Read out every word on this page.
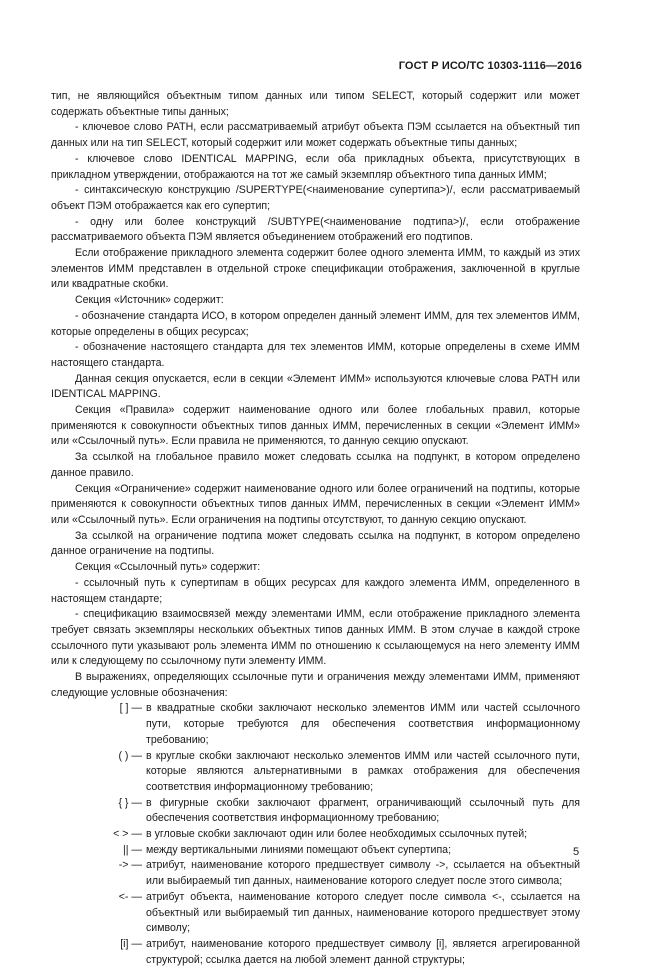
ГОСТ Р ИСО/ТС 10303-1116—2016

тип, не являющийся объектным типом данных или типом SELECT, который содержит или может содержать объектные типы данных;

- ключевое слово PATH, если рассматриваемый атрибут объекта ПЭМ ссылается на объектный тип данных или на тип SELECT, который содержит или может содержать объектные типы данных;

- ключевое слово IDENTICAL MAPPING, если оба прикладных объекта, присутствующих в прикладном утверждении, отображаются на тот же самый экземпляр объектного типа данных ИММ;

- синтаксическую конструкцию /SUPERTYPE(<наименование супертипа>)/, если рассматриваемый объект ПЭМ отображается как его супертип;

- одну или более конструкций /SUBTYPE(<наименование подтипа>)/, если отображение рассматриваемого объекта ПЭМ является объединением отображений его подтипов.

Если отображение прикладного элемента содержит более одного элемента ИММ, то каждый из этих элементов ИММ представлен в отдельной строке спецификации отображения, заключенной в круглые или квадратные скобки.

Секция «Источник» содержит:

- обозначение стандарта ИСО, в котором определен данный элемент ИММ, для тех элементов ИММ, которые определены в общих ресурсах;

- обозначение настоящего стандарта для тех элементов ИММ, которые определены в схеме ИММ настоящего стандарта.

Данная секция опускается, если в секции «Элемент ИММ» используются ключевые слова PATH или IDENTICAL MAPPING.

Секция «Правила» содержит наименование одного или более глобальных правил, которые применяются к совокупности объектных типов данных ИММ, перечисленных в секции «Элемент ИММ» или «Ссылочный путь». Если правила не применяются, то данную секцию опускают.

За ссылкой на глобальное правило может следовать ссылка на подпункт, в котором определено данное правило.

Секция «Ограничение» содержит наименование одного или более ограничений на подтипы, которые применяются к совокупности объектных типов данных ИММ, перечисленных в секции «Элемент ИММ» или «Ссылочный путь». Если ограничения на подтипы отсутствуют, то данную секцию опускают.

За ссылкой на ограничение подтипа может следовать ссылка на подпункт, в котором определено данное ограничение на подтипы.

Секция «Ссылочный путь» содержит:

- ссылочный путь к супертипам в общих ресурсах для каждого элемента ИММ, определенного в настоящем стандарте;

- спецификацию взаимосвязей между элементами ИММ, если отображение прикладного элемента требует связать экземпляры нескольких объектных типов данных ИММ. В этом случае в каждой строке ссылочного пути указывают роль элемента ИММ по отношению к ссылающемуся на него элементу ИММ или к следующему по ссылочному пути элементу ИММ.

В выражениях, определяющих ссылочные пути и ограничения между элементами ИММ, применяют следующие условные обозначения:

[ ] — в квадратные скобки заключают несколько элементов ИММ или частей ссылочного пути, которые требуются для обеспечения соответствия информационному требованию;
( ) — в круглые скобки заключают несколько элементов ИММ или частей ссылочного пути, которые являются альтернативными в рамках отображения для обеспечения соответствия информационному требованию;
{ } — в фигурные скобки заключают фрагмент, ограничивающий ссылочный путь для обеспечения соответствия информационному требованию;
< > — в угловые скобки заключают один или более необходимых ссылочных путей;
|| — между вертикальными линиями помещают объект супертипа;
-> — атрибут, наименование которого предшествует символу ->, ссылается на объектный или выбираемый тип данных, наименование которого следует после этого символа;
<- — атрибут объекта, наименование которого следует после символа <-, ссылается на объектный или выбираемый тип данных, наименование которого предшествует этому символу;
[i] — атрибут, наименование которого предшествует символу [i], является агрегированной структурой; ссылка дается на любой элемент данной структуры;
5
